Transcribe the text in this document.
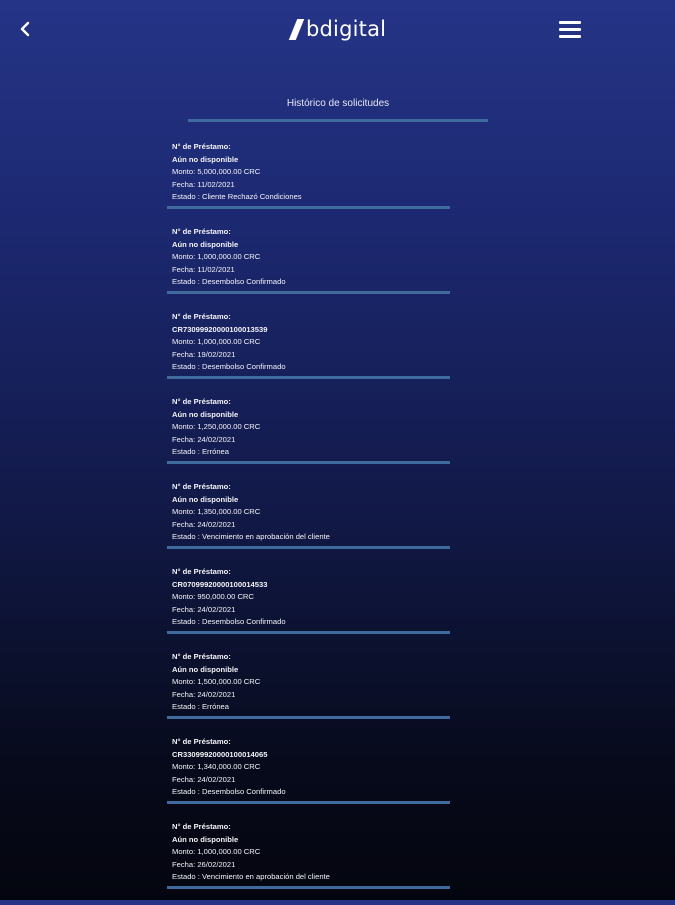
bdigital
Histórico de solicitudes
N° de Préstamo:
Aún no disponible
Monto: 5,000,000.00 CRC
Fecha: 11/02/2021
Estado : Cliente Rechazó Condiciones
N° de Préstamo:
Aún no disponible
Monto: 1,000,000.00 CRC
Fecha: 11/02/2021
Estado : Desembolso Confirmado
N° de Préstamo:
CR73099920000100013539
Monto: 1,000,000.00 CRC
Fecha: 19/02/2021
Estado : Desembolso Confirmado
N° de Préstamo:
Aún no disponible
Monto: 1,250,000.00 CRC
Fecha: 24/02/2021
Estado : Errónea
N° de Préstamo:
Aún no disponible
Monto: 1,350,000.00 CRC
Fecha: 24/02/2021
Estado : Vencimiento en aprobación del cliente
N° de Préstamo:
CR07099920000100014533
Monto: 950,000.00 CRC
Fecha: 24/02/2021
Estado : Desembolso Confirmado
N° de Préstamo:
Aún no disponible
Monto: 1,500,000.00 CRC
Fecha: 24/02/2021
Estado : Errónea
N° de Préstamo:
CR33099920000100014065
Monto: 1,340,000.00 CRC
Fecha: 24/02/2021
Estado : Desembolso Confirmado
N° de Préstamo:
Aún no disponible
Monto: 1,000,000.00 CRC
Fecha: 26/02/2021
Estado : Vencimiento en aprobación del cliente
